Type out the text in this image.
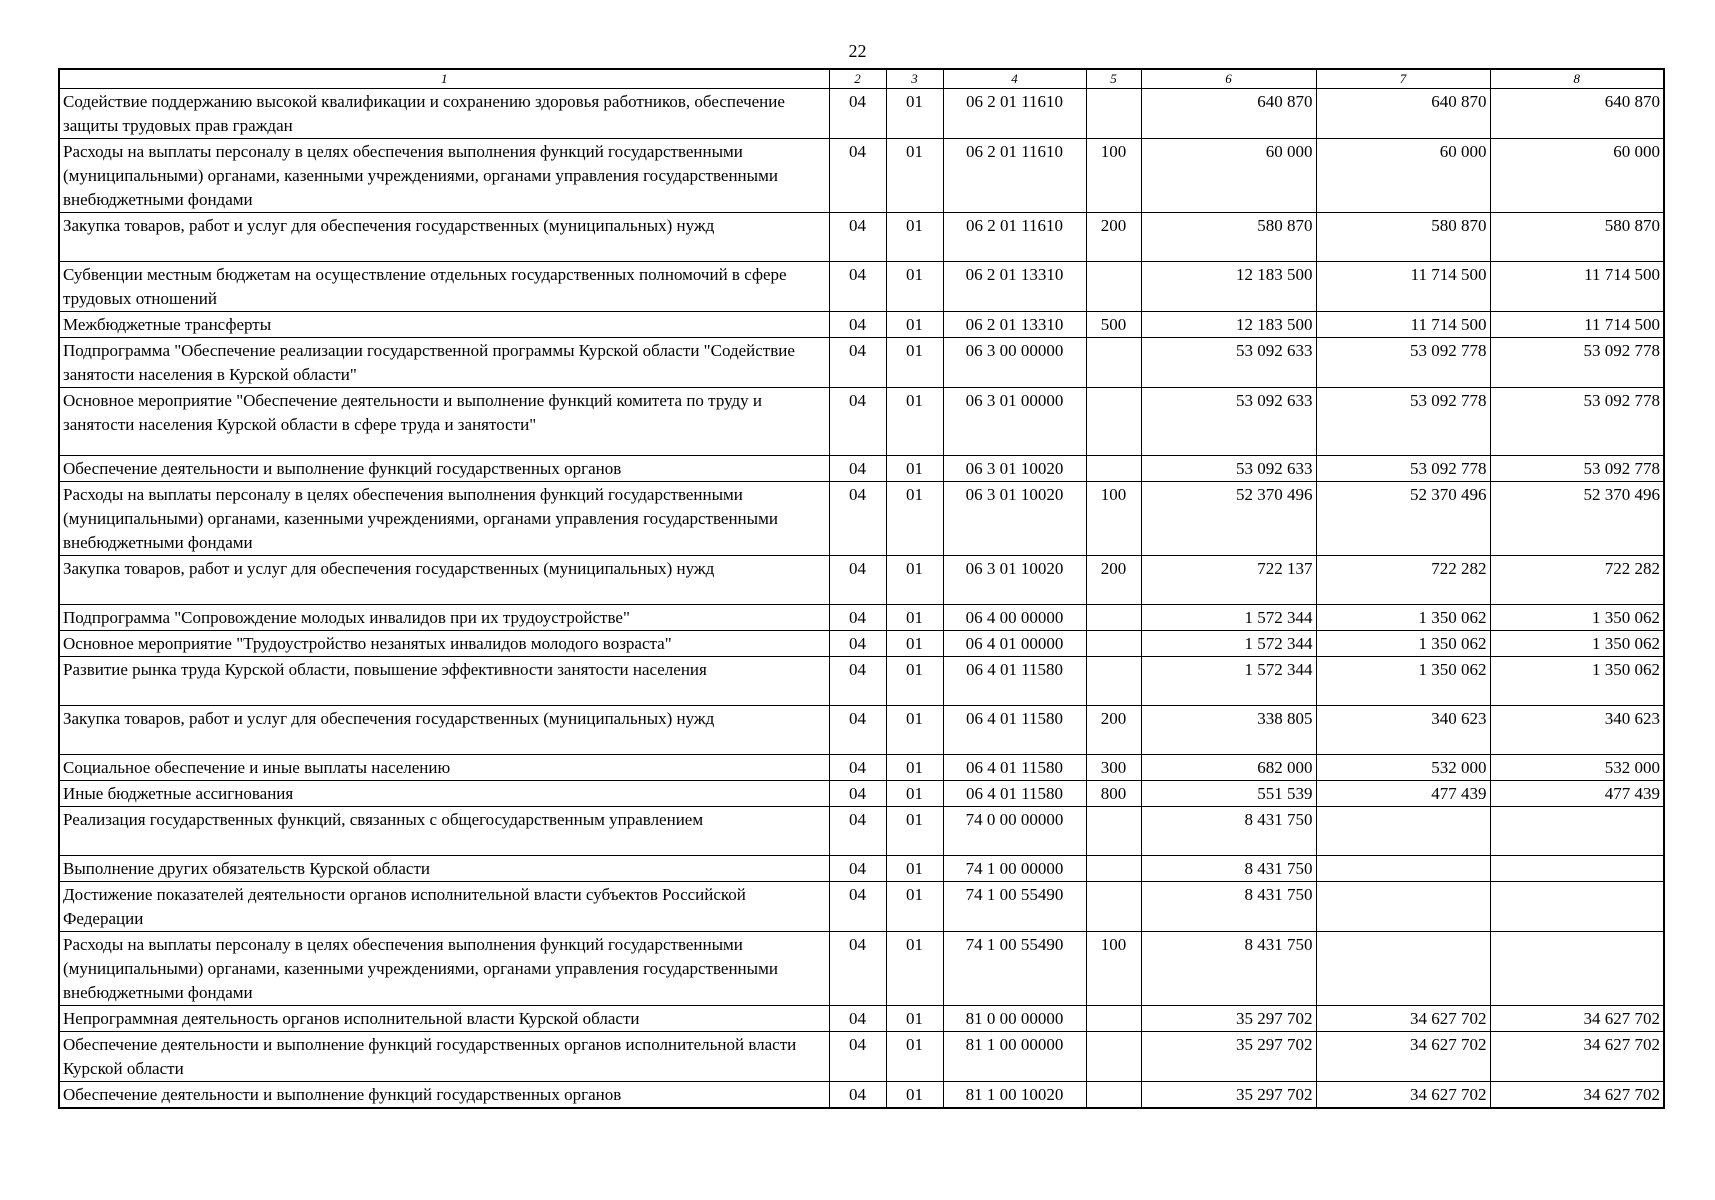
22
1	2	3	4	5	6	7	8
Содействие поддержанию высокой квалификации и сохранению здоровья работников, обеспечение защиты трудовых прав граждан	04	01	06 2 01 11610		640 870	640 870	640 870
Расходы на выплаты персоналу в целях обеспечения выполнения функций государственными (муниципальными) органами, казенными учреждениями, органами управления государственными внебюджетными фондами	04	01	06 2 01 11610	100	60 000	60 000	60 000
Закупка товаров, работ и услуг для обеспечения государственных (муниципальных) нужд	04	01	06 2 01 11610	200	580 870	580 870	580 870
Субвенции местным бюджетам на осуществление отдельных государственных полномочий в сфере трудовых отношений	04	01	06 2 01 13310		12 183 500	11 714 500	11 714 500
Межбюджетные трансферты	04	01	06 2 01 13310	500	12 183 500	11 714 500	11 714 500
Подпрограмма "Обеспечение реализации государственной программы Курской области "Содействие занятости населения в Курской области"	04	01	06 3 00 00000		53 092 633	53 092 778	53 092 778
Основное мероприятие "Обеспечение деятельности и выполнение функций комитета по труду и занятости населения Курской области в сфере труда и занятости"	04	01	06 3 01 00000		53 092 633	53 092 778	53 092 778
Обеспечение деятельности и выполнение функций государственных органов	04	01	06 3 01 10020		53 092 633	53 092 778	53 092 778
Расходы на выплаты персоналу в целях обеспечения выполнения функций государственными (муниципальными) органами, казенными учреждениями, органами управления государственными внебюджетными фондами	04	01	06 3 01 10020	100	52 370 496	52 370 496	52 370 496
Закупка товаров, работ и услуг для обеспечения государственных (муниципальных) нужд	04	01	06 3 01 10020	200	722 137	722 282	722 282
Подпрограмма "Сопровождение молодых инвалидов при их трудоустройстве"	04	01	06 4 00 00000		1 572 344	1 350 062	1 350 062
Основное мероприятие "Трудоустройство незанятых инвалидов молодого возраста"	04	01	06 4 01 00000		1 572 344	1 350 062	1 350 062
Развитие рынка труда Курской области, повышение эффективности занятости населения	04	01	06 4 01 11580		1 572 344	1 350 062	1 350 062
Закупка товаров, работ и услуг для обеспечения государственных (муниципальных) нужд	04	01	06 4 01 11580	200	338 805	340 623	340 623
Социальное обеспечение и иные выплаты населению	04	01	06 4 01 11580	300	682 000	532 000	532 000
Иные бюджетные ассигнования	04	01	06 4 01 11580	800	551 539	477 439	477 439
Реализация государственных функций, связанных с общегосударственным управлением	04	01	74 0 00 00000		8 431 750		
Выполнение других обязательств Курской области	04	01	74 1 00 00000		8 431 750		
Достижение показателей деятельности органов исполнительной власти субъектов Российской Федерации	04	01	74 1 00 55490		8 431 750		
Расходы на выплаты персоналу в целях обеспечения выполнения функций государственными (муниципальными) органами, казенными учреждениями, органами управления государственными внебюджетными фондами	04	01	74 1 00 55490	100	8 431 750		
Непрограммная деятельность органов исполнительной власти Курской области	04	01	81 0 00 00000		35 297 702	34 627 702	34 627 702
Обеспечение деятельности и выполнение функций государственных органов исполнительной власти Курской области	04	01	81 1 00 00000		35 297 702	34 627 702	34 627 702
Обеспечение деятельности и выполнение функций государственных органов	04	01	81 1 00 10020		35 297 702	34 627 702	34 627 702
